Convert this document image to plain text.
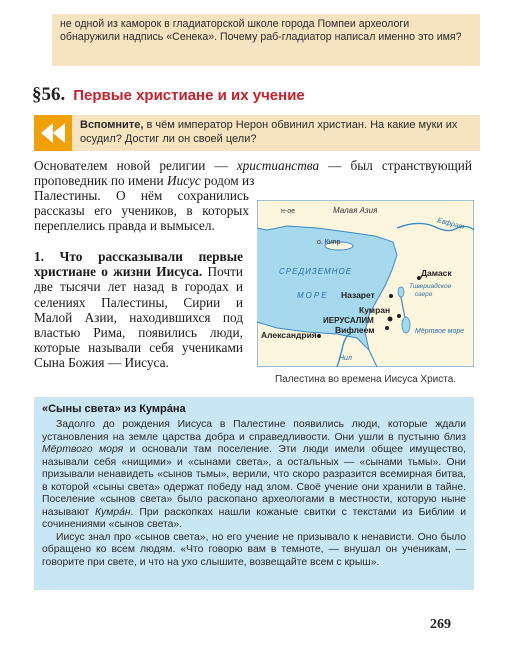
не одной из каморок в гладиаторской школе города Помпеи археологи обнаружили надпись «Сенека». Почему раб-гладиатор написал именно это имя?
§56. Первые христиане и их учение
Вспомните, в чём император Нерон обвинил христиан. На какие муки их осудил? Достиг ли он своей цели?
Основателем новой религии — христианства — был странствующий проповедник по имени Иисус родом из
Палестины. О нём сохранились рассказы его учеников, в которых переплелись правда и вымысел.
1. Что рассказывали первые христиане о жизни Иисуса. Почти две тысячи лет назад в городах и селениях Палестины, Сирии и Малой Азии, находившихся под властью Рима, появились люди, которые называли себя учениками Сына Божия — Иисуса.
н-ое	Малая Азия
Евфрат
о. Кипр
СРЕДИЗЕМНОЕ
МОРЕ
Дамаск
Тивериадское
озеро
Назарет
Кумран
ИЕРУСАЛИМ
Вифлеем	Мёртвое море
Александрия
Нил
Палестина во времена Иисуса Христа.
«Сыны света» из Кумра́на

Задолго до рождения Иисуса в Палестине появились люди, которые ждали установления на земле царства добра и справедливости. Они ушли в пустыню близ Мёртвого моря и основали там поселение. Эти люди имели общее имущество, называли себя «нищими» и «сынами света», а остальных — «сынами тьмы». Они призывали ненавидеть «сынов тьмы», верили, что скоро разразится всемирная битва, в которой «сыны света» одержат победу над злом. Своё учение они хранили в тайне. Поселение «сынов света» было раскопано археологами в местности, которую ныне называют Кумра́н. При раскопках нашли кожаные свитки с текстами из Библии и сочинениями «сынов света».

Иисус знал про «сынов света», но его учение не призывало к ненависти. Оно было обращено ко всем людям. «Что говорю вам в темноте, — внушал он ученикам, — говорите при свете, и что на ухо слышите, возвещайте всем с крыш».

269
